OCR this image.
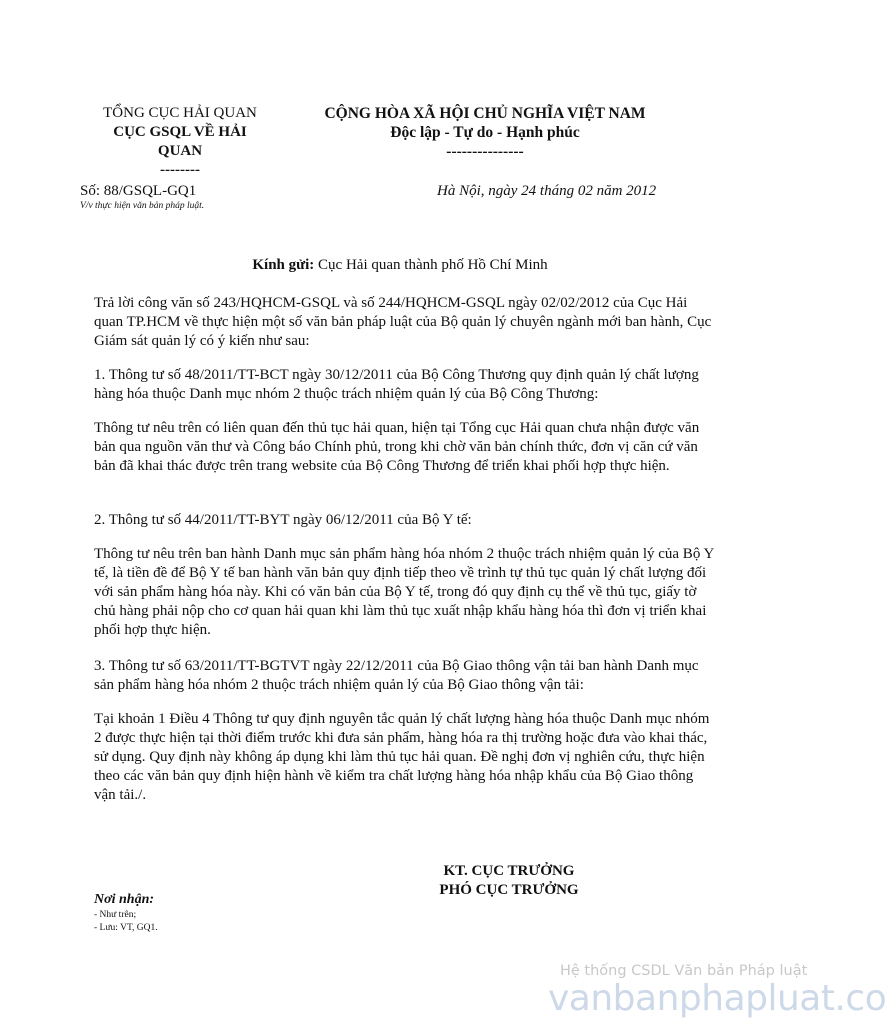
TỔNG CỤC HẢI QUAN
CỤC GSQL VỀ HẢI
QUAN
--------
CỘNG HÒA XÃ HỘI CHỦ NGHĨA VIỆT NAM
Độc lập - Tự do - Hạnh phúc
---------------
Số: 88/GSQL-GQ1
V/v thực hiện văn bản pháp luật.
Hà Nội, ngày 24 tháng 02 năm 2012
Kính gửi: Cục Hải quan thành phố Hồ Chí Minh
Trả lời công văn số 243/HQHCM-GSQL và số 244/HQHCM-GSQL ngày 02/02/2012 của Cục Hải quan TP.HCM về thực hiện một số văn bản pháp luật của Bộ quản lý chuyên ngành mới ban hành, Cục Giám sát quản lý có ý kiến như sau:
1. Thông tư số 48/2011/TT-BCT ngày 30/12/2011 của Bộ Công Thương quy định quản lý chất lượng hàng hóa thuộc Danh mục nhóm 2 thuộc trách nhiệm quản lý của Bộ Công Thương:
Thông tư nêu trên có liên quan đến thủ tục hải quan, hiện tại Tổng cục Hải quan chưa nhận được văn bản qua nguồn văn thư và Công báo Chính phủ, trong khi chờ văn bản chính thức, đơn vị căn cứ văn bản đã khai thác được trên trang website của Bộ Công Thương để triển khai phối hợp thực hiện.
2. Thông tư số 44/2011/TT-BYT ngày 06/12/2011 của Bộ Y tế:
Thông tư nêu trên ban hành Danh mục sản phẩm hàng hóa nhóm 2 thuộc trách nhiệm quản lý của Bộ Y tế, là tiền đề để Bộ Y tế ban hành văn bản quy định tiếp theo về trình tự thủ tục quản lý chất lượng đối với sản phẩm hàng hóa này. Khi có văn bản của Bộ Y tế, trong đó quy định cụ thể về thủ tục, giấy tờ chủ hàng phải nộp cho cơ quan hải quan khi làm thủ tục xuất nhập khẩu hàng hóa thì đơn vị triển khai phối hợp thực hiện.
3. Thông tư số 63/2011/TT-BGTVT ngày 22/12/2011 của Bộ Giao thông vận tải ban hành Danh mục sản phẩm hàng hóa nhóm 2 thuộc trách nhiệm quản lý của Bộ Giao thông vận tải:
Tại khoản 1 Điều 4 Thông tư quy định nguyên tắc quản lý chất lượng hàng hóa thuộc Danh mục nhóm 2 được thực hiện tại thời điểm trước khi đưa sản phẩm, hàng hóa ra thị trường hoặc đưa vào khai thác, sử dụng. Quy định này không áp dụng khi làm thủ tục hải quan. Đề nghị đơn vị nghiên cứu, thực hiện theo các văn bản quy định hiện hành về kiểm tra chất lượng hàng hóa nhập khẩu của Bộ Giao thông vận tải./.
KT. CỤC TRƯỞNG
PHÓ CỤC TRƯỞNG
Nơi nhận:
- Như trên;
- Lưu: VT, GQ1.
Hệ thống CSDL Văn bản Pháp luật
vanbanphapluat.co
